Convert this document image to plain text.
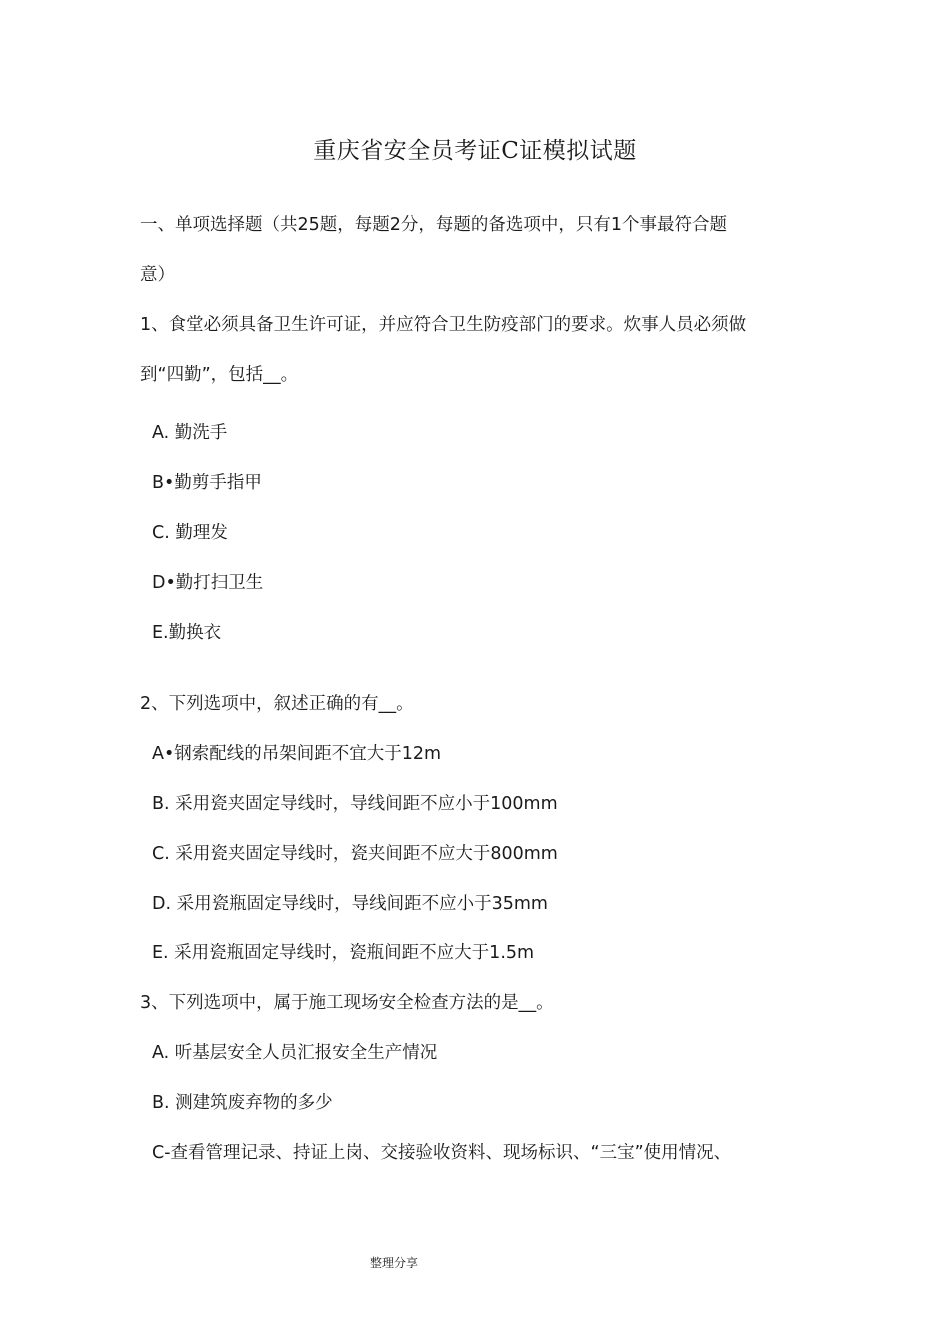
重庆省安全员考证C证模拟试题
一、单项选择题（共25题，每题2分，每题的备选项中，只有1个事最符合题
意）
1、食堂必须具备卫生许可证，并应符合卫生防疫部门的要求。炊事人员必须做
到“四勤”，包括__。
A. 勤洗手
B•勤剪手指甲
C. 勤理发
D•勤打扫卫生
E.勤换衣
2、下列选项中，叙述正确的有__。
A•钢索配线的吊架间距不宜大于12m
B. 采用瓷夹固定导线时，导线间距不应小于100mm
C. 采用瓷夹固定导线时，瓷夹间距不应大于800mm
D. 采用瓷瓶固定导线时，导线间距不应小于35mm
E. 采用瓷瓶固定导线时，瓷瓶间距不应大于1.5m
3、下列选项中，属于施工现场安全检查方法的是__。
A. 听基层安全人员汇报安全生产情况
B. 测建筑废弃物的多少
C-查看管理记录、持证上岗、交接验收资料、现场标识、“三宝”使用情况、
整理分享
